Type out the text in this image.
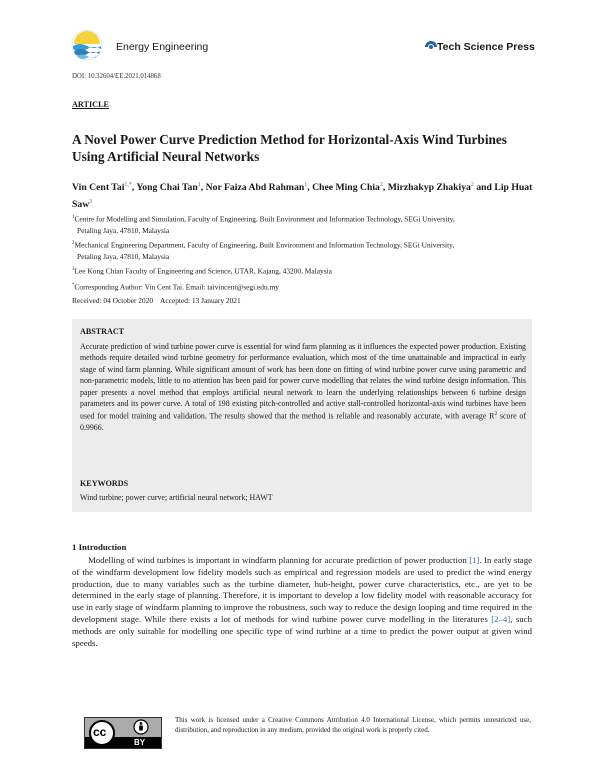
Energy Engineering	Tech Science Press
DOI: 10.32604/EE.2021.014868
ARTICLE
A Novel Power Curve Prediction Method for Horizontal-Axis Wind Turbines Using Artificial Neural Networks
Vin Cent Tai$^{1,*}$, Yong Chai Tan$^1$, Nor Faiza Abd Rahman$^1$, Chee Ming Chia$^2$, Mirzhakyp Zhakiya$^2$ and Lip Huat Saw$^3$
$^1$Centre for Modelling and Simulation, Faculty of Engineering, Built Environment and Information Technology, SEGi University,
Petaling Jaya, 47810, Malaysia
$^2$Mechanical Engineering Department, Faculty of Engineering, Built Environment and Information Technology, SEGi University,
Petaling Jaya, 47810, Malaysia
$^3$Lee Kong Chian Faculty of Engineering and Science, UTAR, Kajang, 43200, Malaysia
*Corresponding Author: Vin Cent Tai. Email: taivincent@segi.edu.my
Received: 04 October 2020    Accepted: 13 January 2021
ABSTRACT
Accurate prediction of wind turbine power curve is essential for wind farm planning as it influences the expected power production. Existing methods require detailed wind turbine geometry for performance evaluation, which most of the time unattainable and impractical in early stage of wind farm planning. While significant amount of work has been done on fitting of wind turbine power curve using parametric and non-parametric models, little to no attention has been paid for power curve modelling that relates the wind turbine design information. This paper presents a novel method that employs artificial neural network to learn the underlying relationships between 6 turbine design parameters and its power curve. A total of 198 existing pitch-controlled and active stall-controlled horizontal-axis wind turbines have been used for model training and validation. The results showed that the method is reliable and reasonably accurate, with average $R^2$ score of 0.9966.
KEYWORDS
Wind turbine; power curve; artificial neural network; HAWT
1 Introduction
Modelling of wind turbines is important in windfarm planning for accurate prediction of power production [1]. In early stage of the windfarm development low fidelity models such as empirical and regression models are used to predict the wind energy production, due to many variables such as the turbine diameter, hub-height, power curve characteristics, etc., are yet to be determined in the early stage of planning. Therefore, it is important to develop a low fidelity model with reasonable accuracy for use in early stage of windfarm planning to improve the robustness, such way to reduce the design looping and time required in the development stage. While there exists a lot of methods for wind turbine power curve modelling in the literatures [2–4], such methods are only suitable for modelling one specific type of wind turbine at a time to predict the power output at given wind speeds.
cc
BY
This work is licensed under a Creative Commons Attribution 4.0 International License, which permits unrestricted use, distribution, and reproduction in any medium, provided the original work is properly cited.
